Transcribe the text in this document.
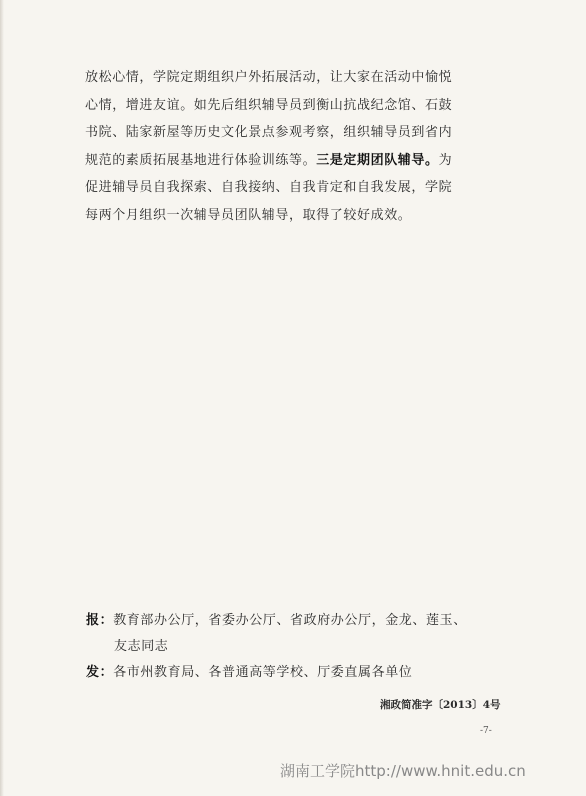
放松心情，学院定期组织户外拓展活动，让大家在活动中愉悦
心情，增进友谊。如先后组织辅导员到衡山抗战纪念馆、石鼓
书院、陆家新屋等历史文化景点参观考察，组织辅导员到省内
规范的素质拓展基地进行体验训练等。三是定期团队辅导。为
促进辅导员自我探索、自我接纳、自我肯定和自我发展，学院
每两个月组织一次辅导员团队辅导，取得了较好成效。
报：教育部办公厅，省委办公厅、省政府办公厅，金龙、莲玉、
友志同志
发：各市州教育局、各普通高等学校、厅委直属各单位
湘政简准字〔2013〕4号
-7-
湖南工学院http://www.hnit.edu.cn
